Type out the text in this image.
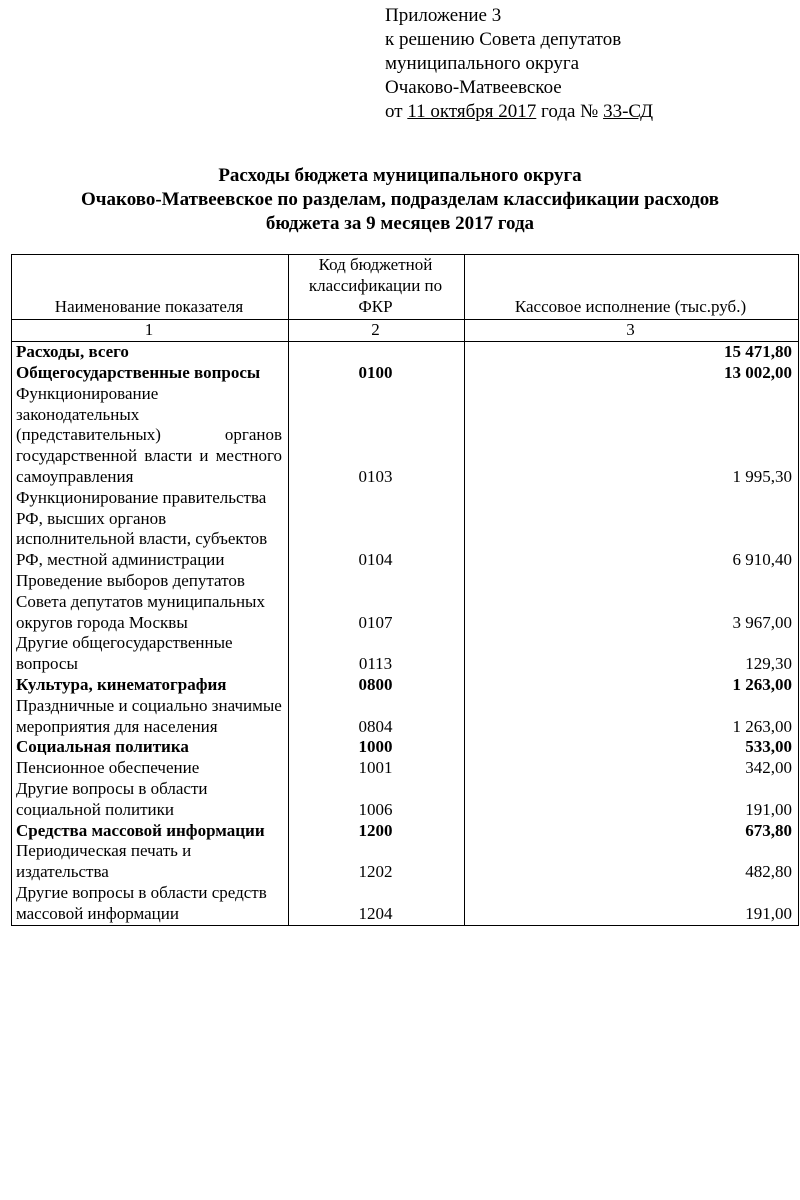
Приложение 3
к решению Совета депутатов
муниципального округа
Очаково-Матвеевское
от 11 октября 2017 года № 33-СД
Расходы бюджета муниципального округа
Очаково-Матвеевское по разделам, подразделам классификации расходов
бюджета за 9 месяцев 2017 года
Наименование показателя	Код бюджетной классификации по ФКР	Кассовое исполнение (тыс.руб.)
1	2	3
Расходы, всего		15 471,80
Общегосударственные вопросы	0100	13 002,00
Функционирование законодательных (представительных) органов государственной власти и местного самоуправления	0103	1 995,30
Функционирование правительства РФ, высших органов исполнительной власти, субъектов РФ, местной администрации	0104	6 910,40
Проведение выборов депутатов Совета депутатов муниципальных округов города Москвы	0107	3 967,00
Другие общегосударственные вопросы	0113	129,30
Культура, кинематография	0800	1 263,00
Праздничные и социально значимые мероприятия для населения	0804	1 263,00
Социальная политика	1000	533,00
Пенсионное обеспечение	1001	342,00
Другие вопросы в области социальной политики	1006	191,00
Средства массовой информации	1200	673,80
Периодическая печать и издательства	1202	482,80
Другие вопросы в области средств массовой информации	1204	191,00
